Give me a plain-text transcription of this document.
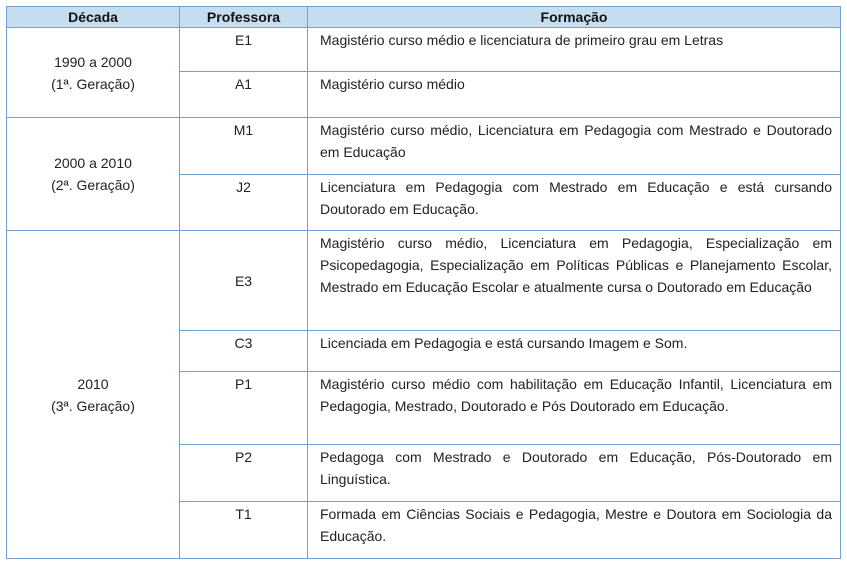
Década	Professora	Formação

1990 a 2000
(1ª. Geração)	E1	Magistério curso médio e licenciatura de primeiro grau em Letras

	A1	Magistério curso médio

2000 a 2010
(2ª. Geração)	M1	Magistério curso médio, Licenciatura em Pedagogia com Mestrado e Doutorado em Educação

	J2	Licenciatura em Pedagogia com Mestrado em Educação e está cursando Doutorado em Educação.

2010
(3ª. Geração)	E3	Magistério curso médio, Licenciatura em Pedagogia, Especialização em Psicopedagogia, Especialização em Políticas Públicas e Planejamento Escolar, Mestrado em Educação Escolar e atualmente cursa o Doutorado em Educação

	C3	Licenciada em Pedagogia e está cursando Imagem e Som.

	P1	Magistério curso médio com habilitação em Educação Infantil, Licenciatura em Pedagogia, Mestrado, Doutorado e Pós Doutorado em Educação.

	P2	Pedagoga com Mestrado e Doutorado em Educação, Pós-Doutorado em Linguística.

	T1	Formada em Ciências Sociais e Pedagogia, Mestre e Doutora em Sociologia da Educação.
